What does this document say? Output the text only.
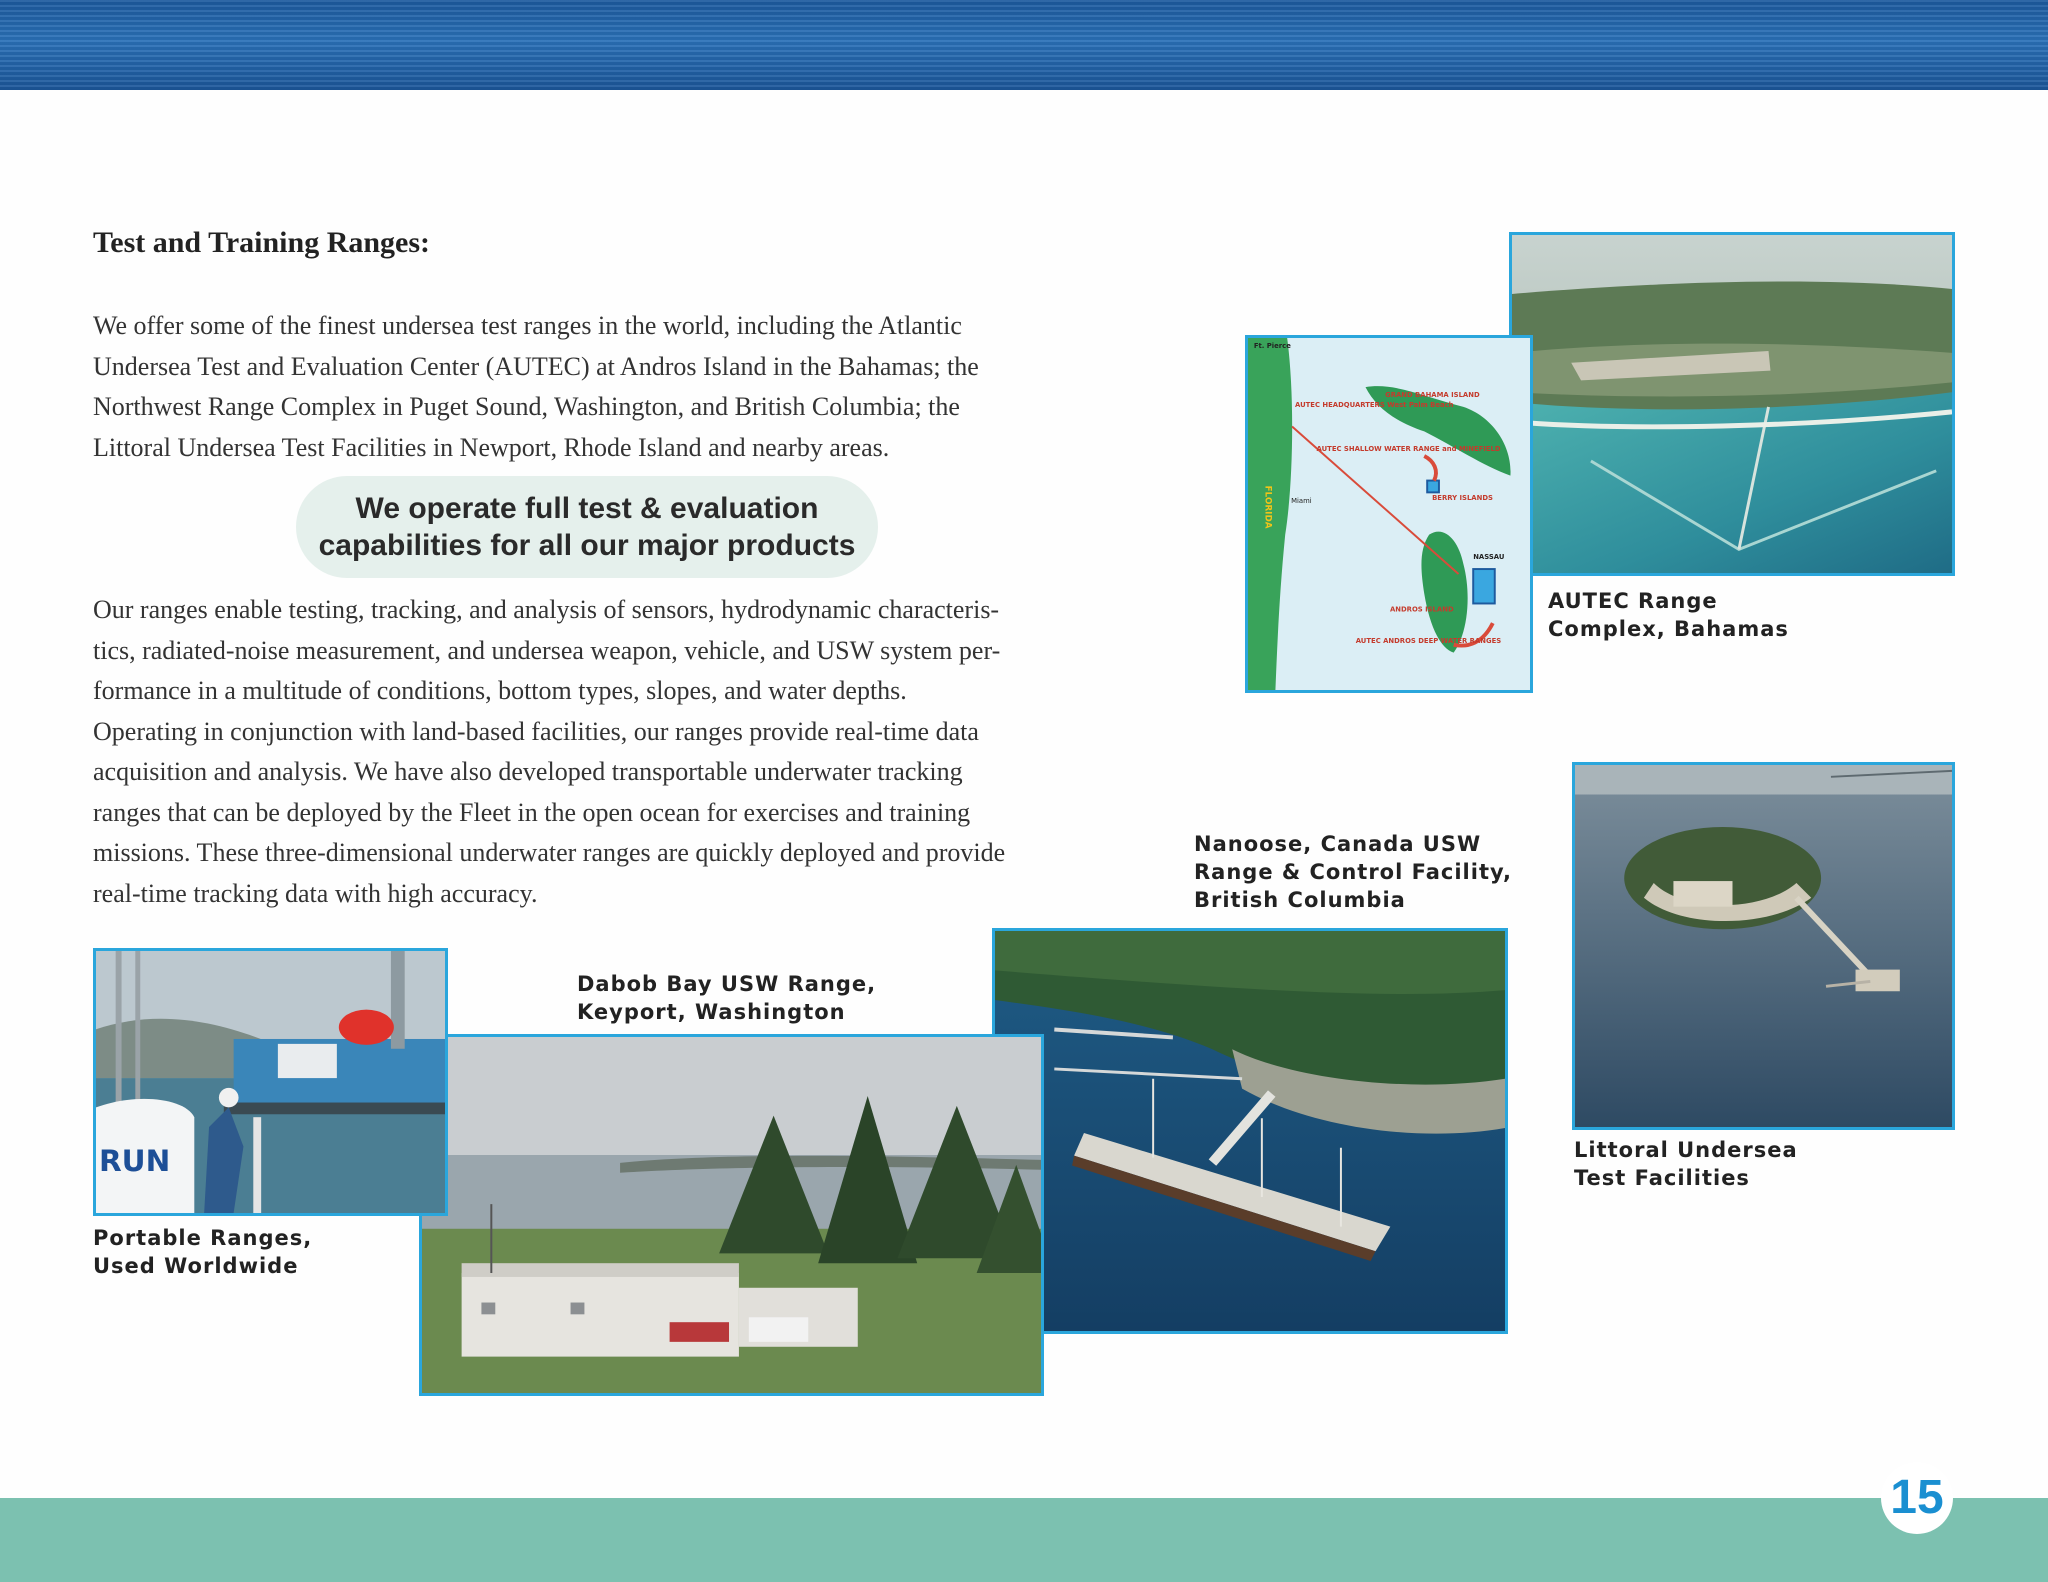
Test and Training Ranges:

We offer some of the finest undersea test ranges in the world, including the Atlantic
Undersea Test and Evaluation Center (AUTEC) at Andros Island in the Bahamas; the
Northwest Range Complex in Puget Sound, Washington, and British Columbia; the
Littoral Undersea Test Facilities in Newport, Rhode Island and nearby areas.

We operate full test & evaluation
capabilities for all our major products

Our ranges enable testing, tracking, and analysis of sensors, hydrodynamic characteris-
tics, radiated-noise measurement, and undersea weapon, vehicle, and USW system per-
formance in a multitude of conditions, bottom types, slopes, and water depths.
Operating in conjunction with land-based facilities, our ranges provide real-time data
acquisition and analysis. We have also developed transportable underwater tracking
ranges that can be deployed by the Fleet in the open ocean for exercises and training
missions. These three-dimensional underwater ranges are quickly deployed and provide
real-time tracking data with high accuracy.

Ft. Pierce
FLORIDA	Miami
AUTEC HEADQUARTERS West Palm Beach
AUTEC SHALLOW WATER RANGE and MINEFIELD
GRAND BAHAMA ISLAND
BERRY ISLANDS
ANDROS ISLAND
NASSAU
AUTEC ANDROS DEEP WATER RANGES
AUTEC Range
Complex, Bahamas
Littoral Undersea
Test Facilities
Nanoose, Canada USW
Range & Control Facility,
British Columbia
Dabob Bay USW Range,
Keyport, Washington
RUN
Portable Ranges,
Used Worldwide
15
